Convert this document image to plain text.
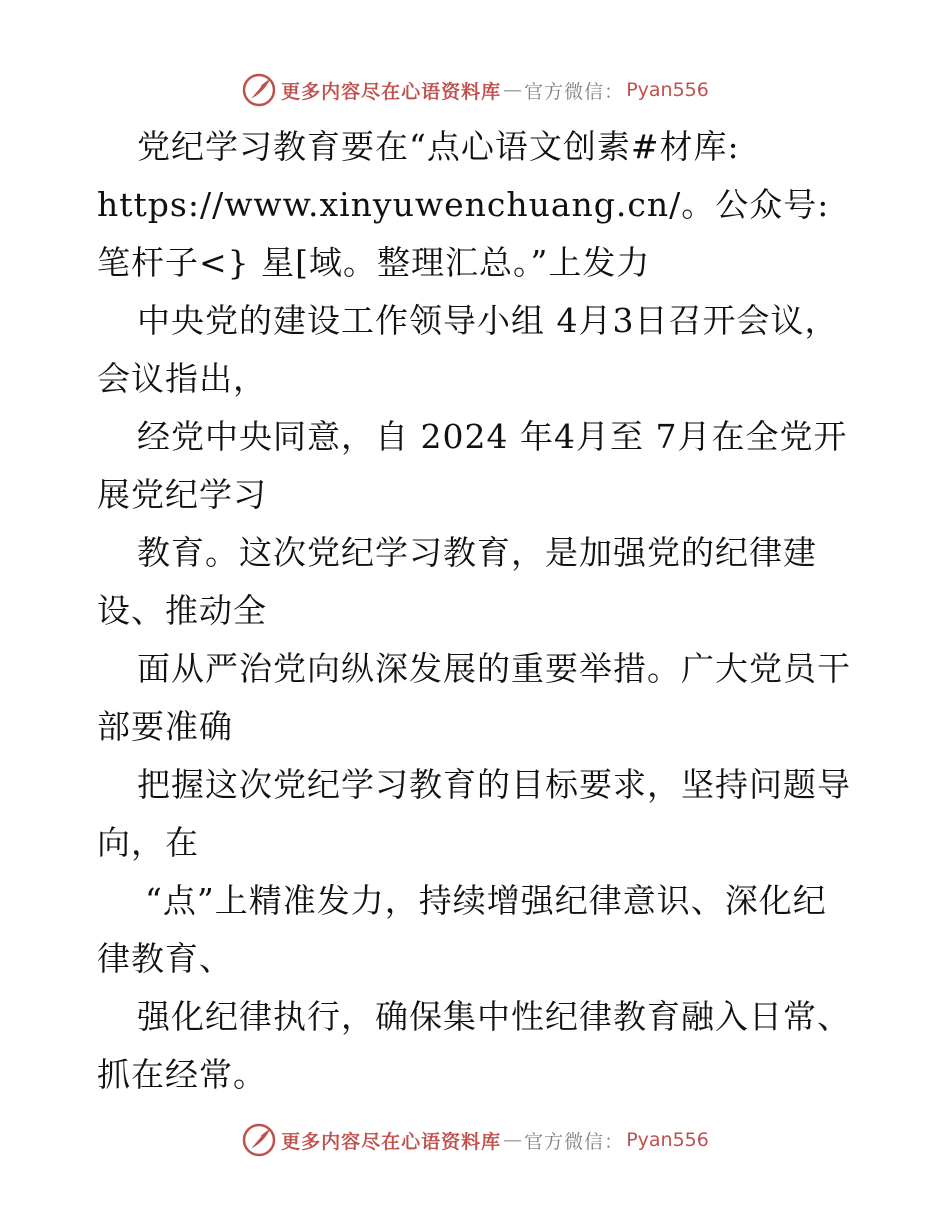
更多内容尽在心语资料库 — 官方微信： Pyan556

党纪学习教育要在“点心语文创素#材库:
https://www.xinyuwenchuang.cn/。公众号: 笔杆子<} 星[域。整理汇总。”上发力

中央党的建设工作领导小组 4月3日召开会议，
会议指出，

经党中央同意，自 2024 年4月至 7月在全党开
展党纪学习

教育。这次党纪学习教育，是加强党的纪律建
设、推动全

面从严治党向纵深发展的重要举措。广大党员干
部要准确

把握这次党纪学习教育的目标要求，坚持问题导
向，在

“点”上精准发力，持续增强纪律意识、深化纪
律教育、

强化纪律执行，确保集中性纪律教育融入日常、
抓在经常。

更多内容尽在心语资料库 — 官方微信： Pyan556
